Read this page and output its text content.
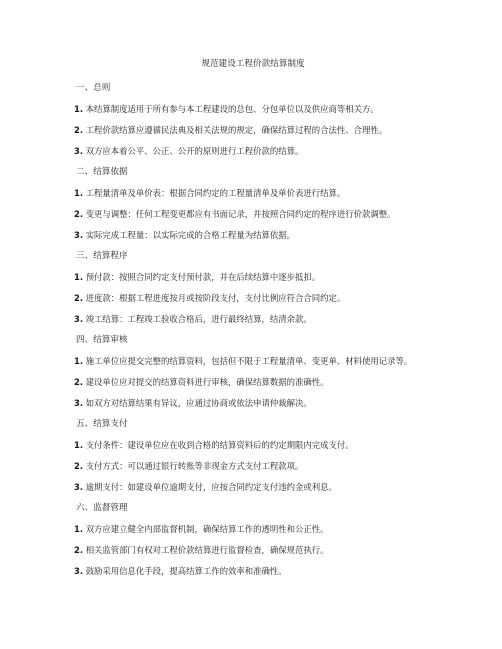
规范建设工程价款结算制度
一、总则
1. 本结算制度适用于所有参与本工程建设的总包、分包单位以及供应商等相关方。
2. 工程价款结算应遵循民法典及相关法规的规定，确保结算过程的合法性、合理性。
3. 双方应本着公平、公正、公开的原则进行工程价款的结算。
二、结算依据
1. 工程量清单及单价表：根据合同约定的工程量清单及单价表进行结算。
2. 变更与调整：任何工程变更都应有书面记录，并按照合同约定的程序进行价款调整。
3. 实际完成工程量：以实际完成的合格工程量为结算依据。
三、结算程序
1. 预付款：按照合同约定支付预付款，并在后续结算中逐步抵扣。
2. 进度款：根据工程进度按月或按阶段支付，支付比例应符合合同约定。
3. 竣工结算：工程竣工验收合格后，进行最终结算，结清余款。
四、结算审核
1. 施工单位应提交完整的结算资料，包括但不限于工程量清单、变更单、材料使用记录等。
2. 建设单位应对提交的结算资料进行审核，确保结算数据的准确性。
3. 如双方对结算结果有异议，应通过协商或依法申请仲裁解决。
五、结算支付
1. 支付条件：建设单位应在收到合格的结算资料后的约定期限内完成支付。
2. 支付方式：可以通过银行转账等非现金方式支付工程款项。
3. 逾期支付：如建设单位逾期支付，应按合同约定支付违约金或利息。
六、监督管理
1. 双方应建立健全内部监督机制，确保结算工作的透明性和公正性。
2. 相关监管部门有权对工程价款结算进行监督检查，确保规范执行。
3. 鼓励采用信息化手段，提高结算工作的效率和准确性。
